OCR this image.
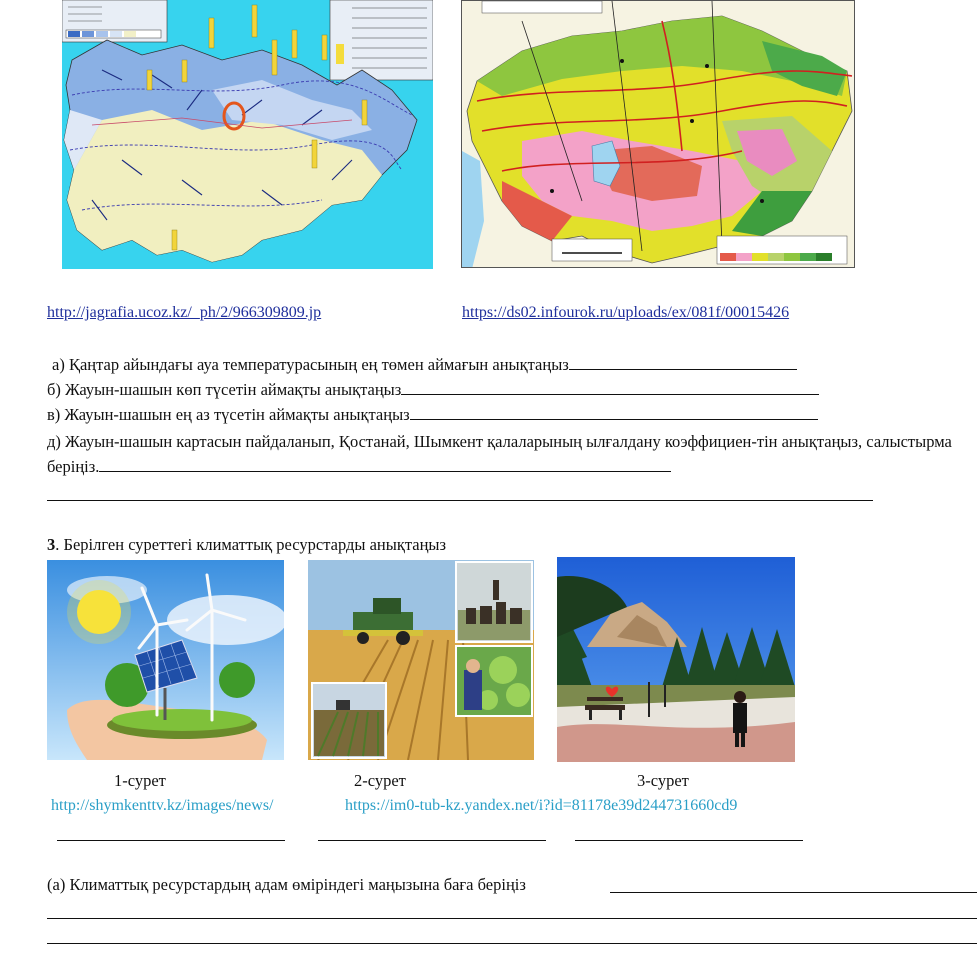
http://jagrafia.ucoz.kz/_ph/2/966309809.jp	https://ds02.infourok.ru/uploads/ex/081f/00015426
а) Қаңтар айындағы ауа температурасының ең төмен аймағын анықтаңыз
б) Жауын-шашын көп түсетін аймақты анықтаңыз
в) Жауын-шашын ең аз түсетін аймақты анықтаңыз
д) Жауын-шашын картасын пайдаланып, Қостанай, Шымкент қалаларының ылғалдану коэффициен-тін анықтаңыз, салыстырма
беріңіз.
3. Берілген суреттегі климаттық ресурстарды анықтаңыз
1-сурет	2-сурет	3-сурет
http://shymkenttv.kz/images/news/	https://im0-tub-kz.yandex.net/i?id=81178e39d244731660cd9
(а) Климаттық ресурстардың адам өміріндегі маңызына баға беріңіз
